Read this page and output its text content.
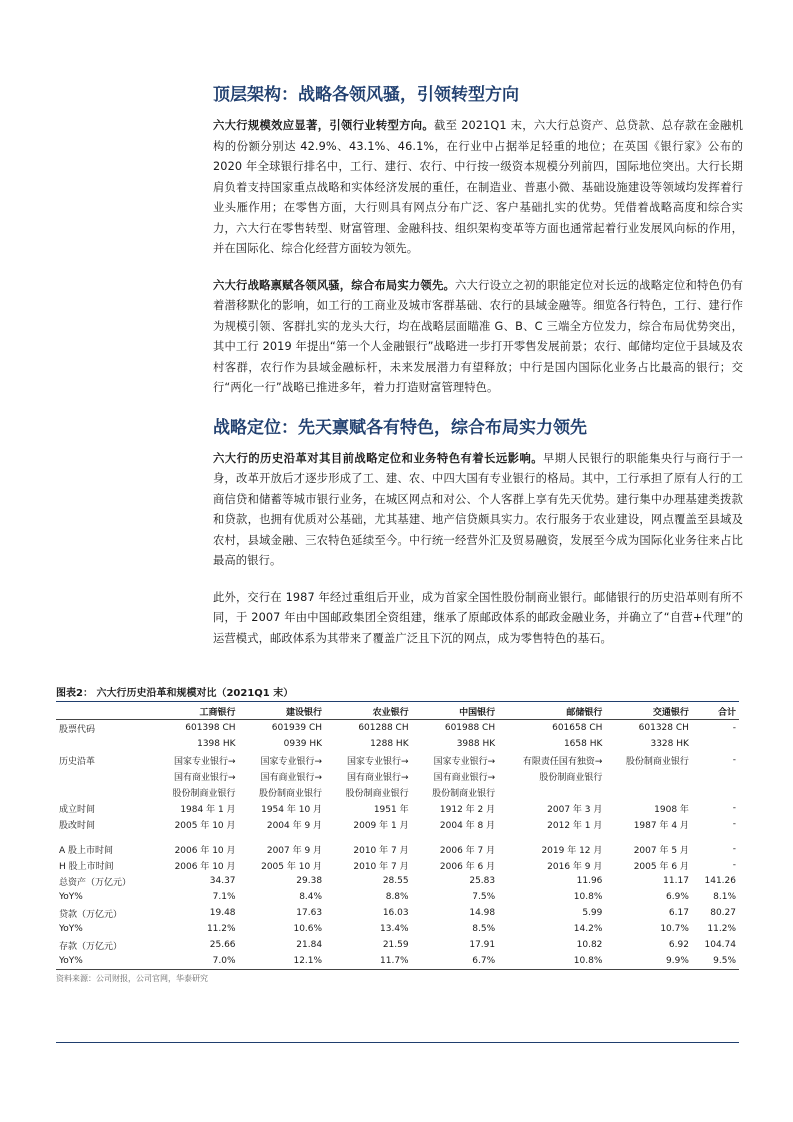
顶层架构：战略各领风骚，引领转型方向

六大行规模效应显著，引领行业转型方向。截至 2021Q1 末，六大行总资产、总贷款、总存款在金融机构的份额分别达 42.9%、43.1%、46.1%，在行业中占据举足轻重的地位；在英国《银行家》公布的 2020 年全球银行排名中，工行、建行、农行、中行按一级资本规模分列前四，国际地位突出。大行长期肩负着支持国家重点战略和实体经济发展的重任，在制造业、普惠小微、基础设施建设等领域均发挥着行业头雁作用；在零售方面，大行则具有网点分布广泛、客户基础扎实的优势。凭借着战略高度和综合实力，六大行在零售转型、财富管理、金融科技、组织架构变革等方面也通常起着行业发展风向标的作用，并在国际化、综合化经营方面较为领先。

六大行战略禀赋各领风骚，综合布局实力领先。六大行设立之初的职能定位对长远的战略定位和特色仍有着潜移默化的影响，如工行的工商业及城市客群基础、农行的县域金融等。细览各行特色，工行、建行作为规模引领、客群扎实的龙头大行，均在战略层面瞄准 G、B、C 三端全方位发力，综合布局优势突出，其中工行 2019 年提出“第一个人金融银行”战略进一步打开零售发展前景；农行、邮储均定位于县域及农村客群，农行作为县域金融标杆，未来发展潜力有望释放；中行是国内国际化业务占比最高的银行；交行“两化一行”战略已推进多年，着力打造财富管理特色。

战略定位：先天禀赋各有特色，综合布局实力领先

六大行的历史沿革对其目前战略定位和业务特色有着长远影响。早期人民银行的职能集央行与商行于一身，改革开放后才逐步形成了工、建、农、中四大国有专业银行的格局。其中，工行承担了原有人行的工商信贷和储蓄等城市银行业务，在城区网点和对公、个人客群上享有先天优势。建行集中办理基建类拨款和贷款，也拥有优质对公基础，尤其基建、地产信贷颇具实力。农行服务于农业建设，网点覆盖至县域及农村，县域金融、三农特色延续至今。中行统一经营外汇及贸易融资，发展至今成为国际化业务往来占比最高的银行。

此外，交行在 1987 年经过重组后开业，成为首家全国性股份制商业银行。邮储银行的历史沿革则有所不同，于 2007 年由中国邮政集团全资组建，继承了原邮政体系的邮政金融业务，并确立了“自营+代理”的运营模式，邮政体系为其带来了覆盖广泛且下沉的网点，成为零售特色的基石。

图表2： 六大行历史沿革和规模对比（2021Q1 末）
	工商银行	建设银行	农业银行	中国银行	邮储银行	交通银行	合计
股票代码	601398 CH	601939 CH	601288 CH	601988 CH	601658 CH	601328 CH	-
	1398 HK	0939 HK	1288 HK	3988 HK	1658 HK	3328 HK	
历史沿革	国家专业银行→	国家专业银行→	国家专业银行→	国家专业银行→	有限责任国有独资→	股份制商业银行	-
	国有商业银行→	国有商业银行→	国有商业银行→	国有商业银行→	股份制商业银行		
	股份制商业银行	股份制商业银行	股份制商业银行	股份制商业银行			
成立时间	1984 年 1 月	1954 年 10 月	1951 年	1912 年 2 月	2007 年 3 月	1908 年	-
股改时间	2005 年 10 月	2004 年 9 月	2009 年 1 月	2004 年 8 月	2012 年 1 月	1987 年 4 月	-

A 股上市时间	2006 年 10 月	2007 年 9 月	2010 年 7 月	2006 年 7 月	2019 年 12 月	2007 年 5 月	-
H 股上市时间	2006 年 10 月	2005 年 10 月	2010 年 7 月	2006 年 6 月	2016 年 9 月	2005 年 6 月	-
总资产（万亿元）	34.37	29.38	28.55	25.83	11.96	11.17	141.26
YoY%	7.1%	8.4%	8.8%	7.5%	10.8%	6.9%	8.1%
贷款（万亿元）	19.48	17.63	16.03	14.98	5.99	6.17	80.27
YoY%	11.2%	10.6%	13.4%	8.5%	14.2%	10.7%	11.2%
存款（万亿元）	25.66	21.84	21.59	17.91	10.82	6.92	104.74
YoY%	7.0%	12.1%	11.7%	6.7%	10.8%	9.9%	9.5%
资料来源：公司财报，公司官网，华泰研究
